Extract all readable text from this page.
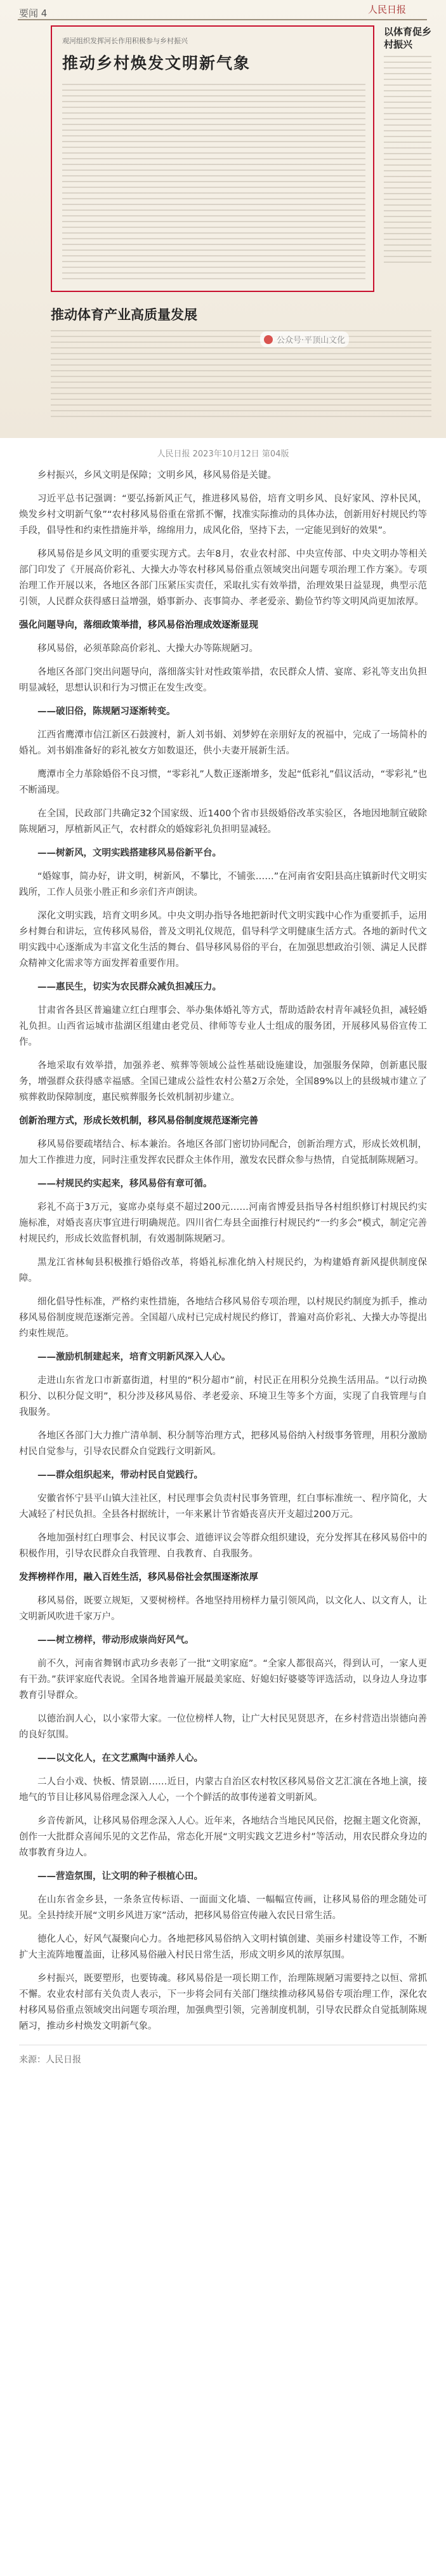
要闻 4	人民日报
观河组织发挥河长作用积极参与乡村振兴
推动乡村焕发文明新气象
以体育促乡村振兴
推动体育产业高质量发展
公众号·平顶山文化
人民日报 2023年10月12日 第04版

乡村振兴，乡风文明是保障；文明乡风，移风易俗是关键。

习近平总书记强调：“要弘扬新风正气，推进移风易俗，培育文明乡风、良好家风、淳朴民风，焕发乡村文明新气象”“农村移风易俗重在常抓不懈，找准实际推动的具体办法，创新用好村规民约等手段，倡导性和约束性措施并举，绵绵用力，成风化俗，坚持下去，一定能见到好的效果”。

移风易俗是乡风文明的重要实现方式。去年8月，农业农村部、中央宣传部、中央文明办等相关部门印发了《开展高价彩礼、大操大办等农村移风易俗重点领域突出问题专项治理工作方案》。专项治理工作开展以来，各地区各部门压紧压实责任，采取扎实有效举措，治理效果日益显现，典型示范引领，人民群众获得感日益增强，婚事新办、丧事简办、孝老爱亲、勤俭节约等文明风尚更加浓厚。

强化问题导向，落细政策举措，移风易俗治理成效逐渐显现

移风易俗，必须革除高价彩礼、大操大办等陈规陋习。

各地区各部门突出问题导向，落细落实针对性政策举措，农民群众人情、宴席、彩礼等支出负担明显减轻，思想认识和行为习惯正在发生改变。

——破旧俗，陈规陋习逐渐转变。

江西省鹰潭市信江新区石鼓渡村，新人刘书娟、刘梦婷在亲朋好友的祝福中，完成了一场简朴的婚礼。刘书娟准备好的彩礼被女方如数退还，供小夫妻开展新生活。

鹰潭市全力革除婚俗不良习惯，“零彩礼”人数正逐渐增多，发起“低彩礼”倡议活动，“零彩礼”也不断涌现。

在全国，民政部门共确定32个国家级、近1400个省市县级婚俗改革实验区，各地因地制宜破除陈规陋习，厚植新风正气，农村群众的婚嫁彩礼负担明显减轻。

——树新风，文明实践搭建移风易俗新平台。

“婚嫁事，简办好，讲文明，树新风，不攀比，不铺张……”在河南省安阳县高庄镇新时代文明实践所，工作人员张小胜正和乡亲们齐声朗读。

深化文明实践，培育文明乡风。中央文明办指导各地把新时代文明实践中心作为重要抓手，运用乡村舞台和讲坛，宣传移风易俗，普及文明礼仪规范，倡导科学文明健康生活方式。各地的新时代文明实践中心逐渐成为丰富文化生活的舞台、倡导移风易俗的平台，在加强思想政治引领、满足人民群众精神文化需求等方面发挥着重要作用。

——惠民生，切实为农民群众减负担减压力。

甘肃省各县区普遍建立红白理事会、举办集体婚礼等方式，帮助适龄农村青年减轻负担，减轻婚礼负担。山西省运城市盐湖区组建由老党员、律师等专业人士组成的服务团，开展移风易俗宣传工作。

各地采取有效举措，加强养老、殡葬等领域公益性基础设施建设，加强服务保障，创新惠民服务，增强群众获得感幸福感。全国已建成公益性农村公墓2万余处，全国89%以上的县级城市建立了殡葬救助保障制度，惠民殡葬服务长效机制初步建立。

创新治理方式，形成长效机制，移风易俗制度规范逐渐完善

移风易俗要疏堵结合、标本兼治。各地区各部门密切协同配合，创新治理方式，形成长效机制，加大工作推进力度，同时注重发挥农民群众主体作用，激发农民群众参与热情，自觉抵制陈规陋习。

——村规民约实起来，移风易俗有章可循。

彩礼不高于3万元，宴席办桌每桌不超过200元……河南省博爱县指导各村组织修订村规民约实施标准，对婚丧喜庆事宜进行明确规范。四川省仁寿县全面推行村规民约“一约多会”模式，制定完善村规民约，形成长效监督机制，有效遏制陈规陋习。

黑龙江省林甸县积极推行婚俗改革，将婚礼标准化纳入村规民约，为构建婚育新风提供制度保障。

细化倡导性标准，严格约束性措施，各地结合移风易俗专项治理，以村规民约制度为抓手，推动移风易俗制度规范逐渐完善。全国超八成村已完成村规民约修订，普遍对高价彩礼、大操大办等提出约束性规范。

——激励机制建起来，培育文明新风深入人心。

走进山东省龙口市新嘉街道，村里的“积分超市”前，村民正在用积分兑换生活用品。“以行动换积分、以积分促文明”，积分涉及移风易俗、孝老爱亲、环境卫生等多个方面，实现了自我管理与自我服务。

各地区各部门大力推广清单制、积分制等治理方式，把移风易俗纳入村级事务管理，用积分激励村民自觉参与，引导农民群众自觉践行文明新风。

——群众组织起来，带动村民自觉践行。

安徽省怀宁县平山镇大洼社区，村民理事会负责村民事务管理，红白事标准统一、程序简化，大大减轻了村民负担。全县各村据统计，一年来累计节省婚丧喜庆开支超过200万元。

各地加强村红白理事会、村民议事会、道德评议会等群众组织建设，充分发挥其在移风易俗中的积极作用，引导农民群众自我管理、自我教育、自我服务。

发挥榜样作用，融入百姓生活，移风易俗社会氛围逐渐浓厚

移风易俗，既要立规矩，又要树榜样。各地坚持用榜样力量引领风尚，以文化人、以文育人，让文明新风吹进千家万户。

——树立榜样，带动形成崇尚好风气。

前不久，河南省舞钢市武功乡表彰了一批“文明家庭”。“全家人都很高兴，得到认可，一家人更有干劲。”获评家庭代表说。全国各地普遍开展最美家庭、好媳妇好婆婆等评选活动，以身边人身边事教育引导群众。

以德治润人心，以小家带大家。一位位榜样人物，让广大村民见贤思齐，在乡村营造出崇德向善的良好氛围。

——以文化人，在文艺熏陶中涵养人心。

二人台小戏、快板、情景剧……近日，内蒙古自治区农村牧区移风易俗文艺汇演在各地上演，接地气的节目让移风易俗理念深入人心，一个个鲜活的故事传递着文明新风。

乡音传新风，让移风易俗理念深入人心。近年来，各地结合当地民风民俗，挖掘主题文化资源，创作一大批群众喜闻乐见的文艺作品，常态化开展“文明实践文艺进乡村”等活动，用农民群众身边的故事教育身边人。

——营造氛围，让文明的种子根植心田。

在山东省金乡县，一条条宣传标语、一面面文化墙、一幅幅宣传画，让移风易俗的理念随处可见。全县持续开展“文明乡风进万家”活动，把移风易俗宣传融入农民日常生活。

德化人心，好风气凝聚向心力。各地把移风易俗纳入文明村镇创建、美丽乡村建设等工作，不断扩大主流阵地覆盖面，让移风易俗融入村民日常生活，形成文明乡风的浓厚氛围。

乡村振兴，既要塑形，也要铸魂。移风易俗是一项长期工作，治理陈规陋习需要持之以恒、常抓不懈。农业农村部有关负责人表示，下一步将会同有关部门继续推动移风易俗专项治理工作，深化农村移风易俗重点领域突出问题专项治理，加强典型引领，完善制度机制，引导农民群众自觉抵制陈规陋习，推动乡村焕发文明新气象。

来源：人民日报
